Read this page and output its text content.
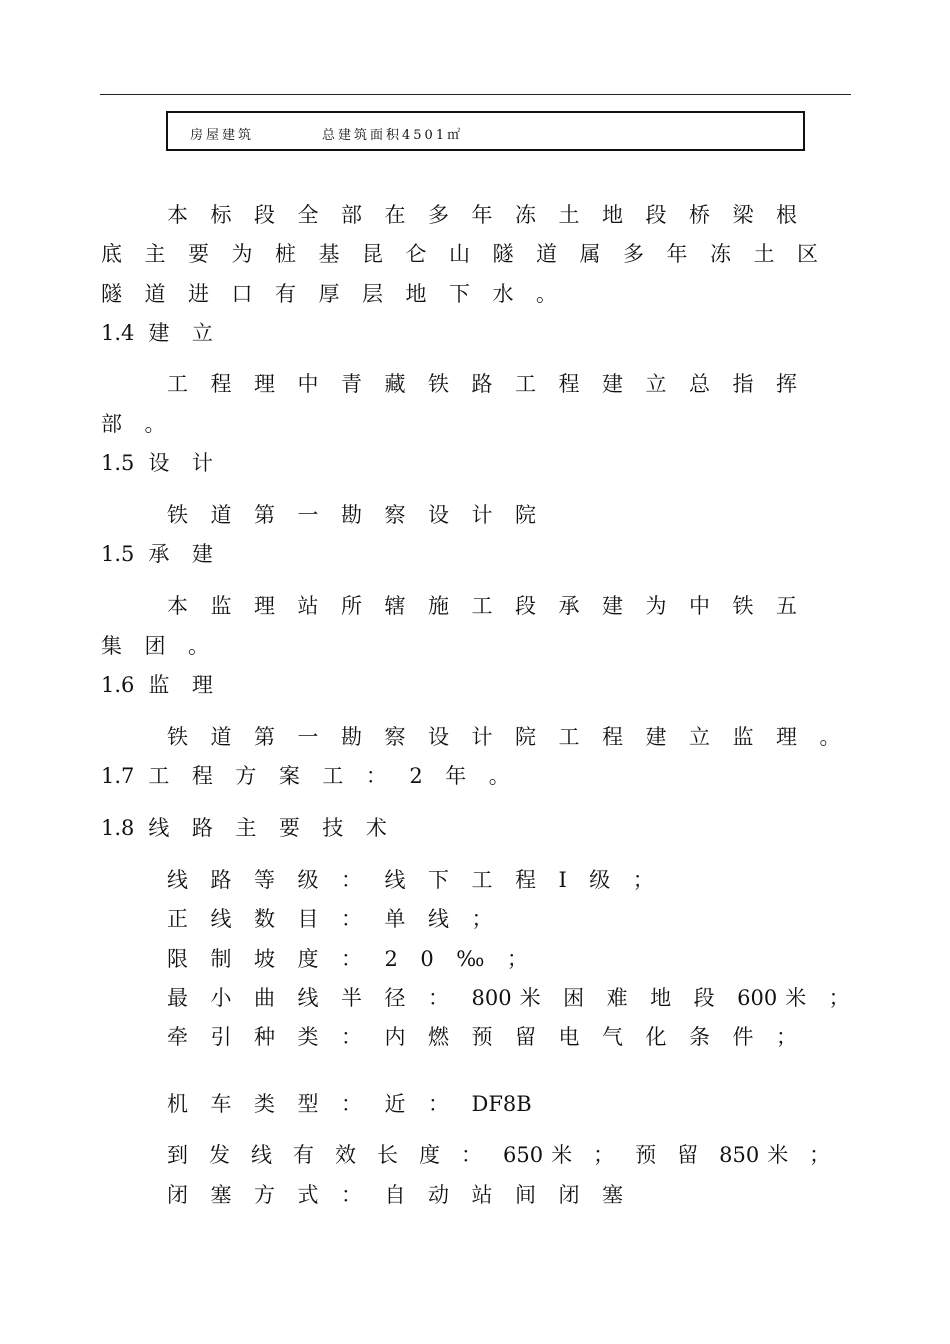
房屋建筑	总建筑面积4501㎡
本标段全部在多年冻土地段桥梁根
底主要为桩基昆仑山隧道属多年冻土区
隧道进口有厚层地下水。
1.4 建立
工程理中青藏铁路工程建立总指挥
部。
1.5 设计
铁道第一勘察设计院
1.5 承建
本监理站所辖施工段承建为中铁五
集团。
1.6 监理
铁道第一勘察设计院工程建立监理。
1.7 工程方案工：2年。
1.8 线路主要技术
线路等级：线下工程Ⅰ级；
正线数目：单线；
限制坡度：20‰；
最小曲线半径：800 米困难地段600 米；
牵引种类：内燃预留电气化条件；
机车类型：近：DF8B
到发线有效长度：650 米；预留850 米；
闭塞方式：自动站间闭塞
